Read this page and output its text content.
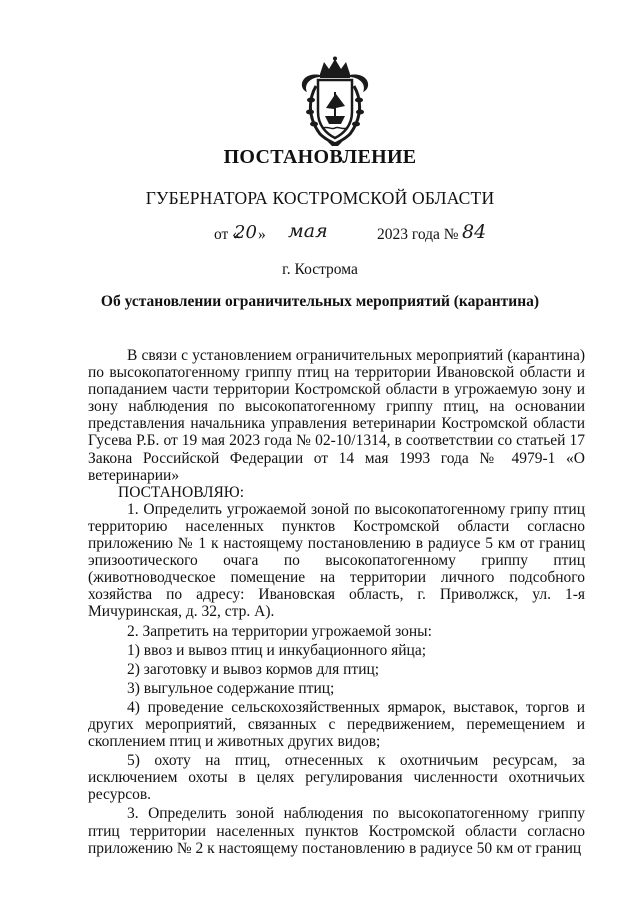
ПОСТАНОВЛЕНИЕ
ГУБЕРНАТОРА КОСТРОМСКОЙ ОБЛАСТИ
от «
20 » мая	2023 года № 84
г. Кострома
Об установлении ограничительных мероприятий (карантина)

В связи с установлением ограничительных мероприятий (карантина) по высокопатогенному гриппу птиц на территории Ивановской области и попаданием части территории Костромской области в угрожаемую зону и зону наблюдения по высокопатогенному гриппу птиц, на основании представления начальника управления ветеринарии Костромской области Гусева Р.Б. от 19 мая 2023 года № 02-10/1314, в соответствии со статьей 17 Закона Российской Федерации от 14 мая 1993 года № 4979-1 «О ветеринарии»

ПОСТАНОВЛЯЮ:

1. Определить угрожаемой зоной по высокопатогенному грипу птиц территорию населенных пунктов Костромской области согласно приложению № 1 к настоящему постановлению в радиусе 5 км от границ эпизоотического очага по высокопатогенному гриппу птиц (животноводческое помещение на территории личного подсобного хозяйства по адресу: Ивановская область, г. Приволжск, ул. 1-я Мичуринская, д. 32, стр. А).

2. Запретить на территории угрожаемой зоны:

1) ввоз и вывоз птиц и инкубационного яйца;

2) заготовку и вывоз кормов для птиц;

3) выгульное содержание птиц;

4) проведение сельскохозяйственных ярмарок, выставок, торгов и других мероприятий, связанных с передвижением, перемещением и скоплением птиц и животных других видов;

5) охоту на птиц, отнесенных к охотничьим ресурсам, за исключением охоты в целях регулирования численности охотничьих ресурсов.

3. Определить зоной наблюдения по высокопатогенному гриппу птиц территории населенных пунктов Костромской области согласно приложению № 2 к настоящему постановлению в радиусе 50 км от границ
